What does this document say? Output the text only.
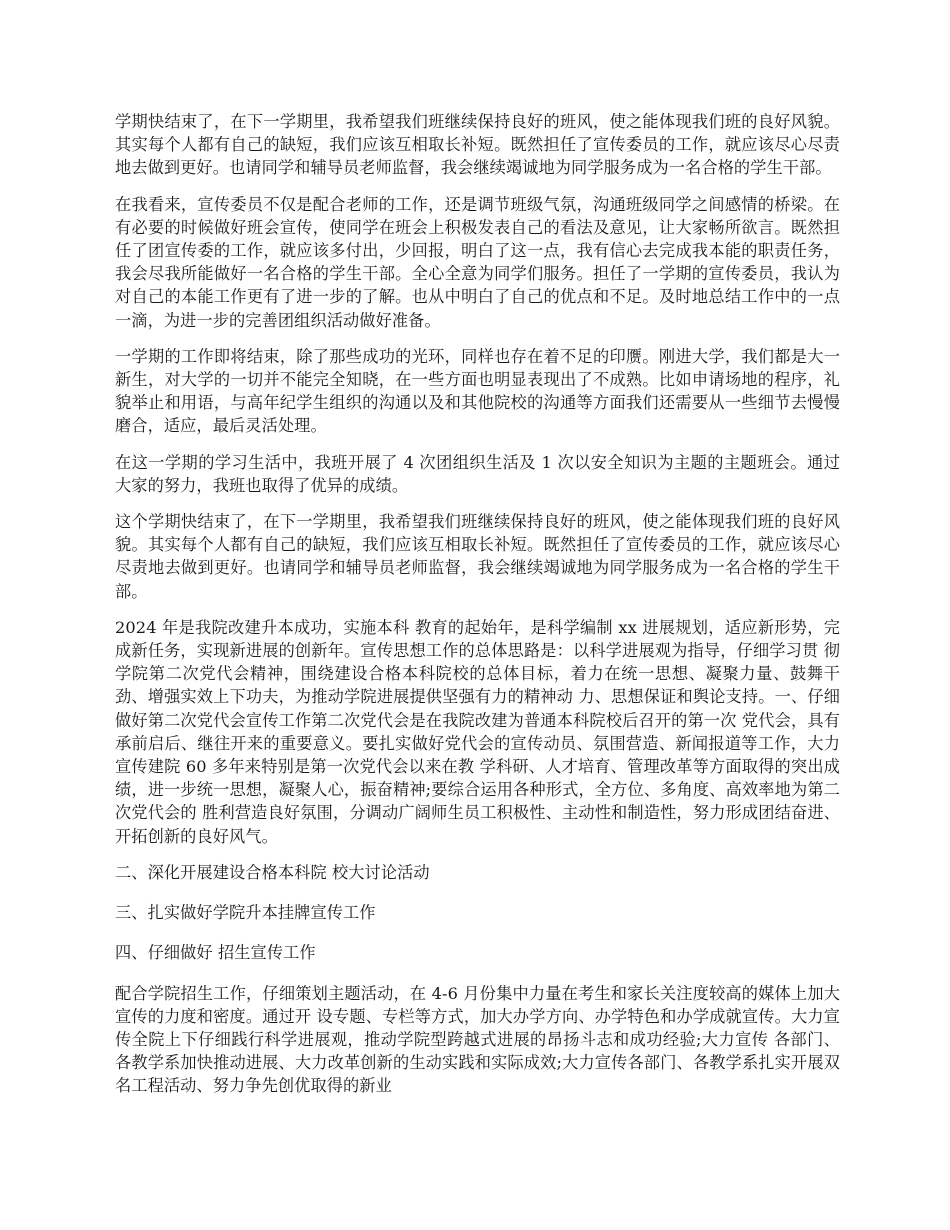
学期快结束了，在下一学期里，我希望我们班继续保持良好的班风，使之能体现我们班的良好风貌。其实每个人都有自己的缺短，我们应该互相取长补短。既然担任了宣传委员的工作，就应该尽心尽责地去做到更好。也请同学和辅导员老师监督，我会继续竭诚地为同学服务成为一名合格的学生干部。

在我看来，宣传委员不仅是配合老师的工作，还是调节班级气氛，沟通班级同学之间感情的桥梁。在有必要的时候做好班会宣传，使同学在班会上积极发表自己的看法及意见，让大家畅所欲言。既然担任了团宣传委的工作，就应该多付出，少回报，明白了这一点，我有信心去完成我本能的职责任务，我会尽我所能做好一名合格的学生干部。全心全意为同学们服务。担任了一学期的宣传委员，我认为对自己的本能工作更有了进一步的了解。也从中明白了自己的优点和不足。及时地总结工作中的一点一滴，为进一步的完善团组织活动做好准备。

一学期的工作即将结束，除了那些成功的光环，同样也存在着不足的印赝。刚进大学，我们都是大一新生，对大学的一切并不能完全知晓，在一些方面也明显表现出了不成熟。比如申请场地的程序，礼貌举止和用语，与高年纪学生组织的沟通以及和其他院校的沟通等方面我们还需要从一些细节去慢慢磨合，适应，最后灵活处理。

在这一学期的学习生活中，我班开展了 4 次团组织生活及 1 次以安全知识为主题的主题班会。通过大家的努力，我班也取得了优异的成绩。

这个学期快结束了，在下一学期里，我希望我们班继续保持良好的班风，使之能体现我们班的良好风貌。其实每个人都有自己的缺短，我们应该互相取长补短。既然担任了宣传委员的工作，就应该尽心尽责地去做到更好。也请同学和辅导员老师监督，我会继续竭诚地为同学服务成为一名合格的学生干部。

2024 年是我院改建升本成功，实施本科 教育的起始年，是科学编制 xx 进展规划，适应新形势，完成新任务，实现新进展的创新年。宣传思想工作的总体思路是：以科学进展观为指导，仔细学习贯 彻学院第二次党代会精神，围绕建设合格本科院校的总体目标，着力在统一思想、凝聚力量、鼓舞干劲、增强实效上下功夫，为推动学院进展提供坚强有力的精神动 力、思想保证和舆论支持。一、仔细做好第二次党代会宣传工作第二次党代会是在我院改建为普通本科院校后召开的第一次 党代会，具有承前启后、继往开来的重要意义。要扎实做好党代会的宣传动员、氛围营造、新闻报道等工作，大力宣传建院 60 多年来特别是第一次党代会以来在教 学科研、人才培育、管理改革等方面取得的突出成绩，进一步统一思想，凝聚人心，振奋精神;要综合运用各种形式，全方位、多角度、高效率地为第二次党代会的 胜利营造良好氛围，分调动广阔师生员工积极性、主动性和制造性，努力形成团结奋进、开拓创新的良好风气。

二、深化开展建设合格本科院 校大讨论活动

三、扎实做好学院升本挂牌宣传工作

四、仔细做好 招生宣传工作

配合学院招生工作，仔细策划主题活动，在 4-6 月份集中力量在考生和家长关注度较高的媒体上加大宣传的力度和密度。通过开 设专题、专栏等方式，加大办学方向、办学特色和办学成就宣传。大力宣传全院上下仔细践行科学进展观，推动学院型跨越式进展的昂扬斗志和成功经验;大力宣传 各部门、各教学系加快推动进展、大力改革创新的生动实践和实际成效;大力宣传各部门、各教学系扎实开展双名工程活动、努力争先创优取得的新业
